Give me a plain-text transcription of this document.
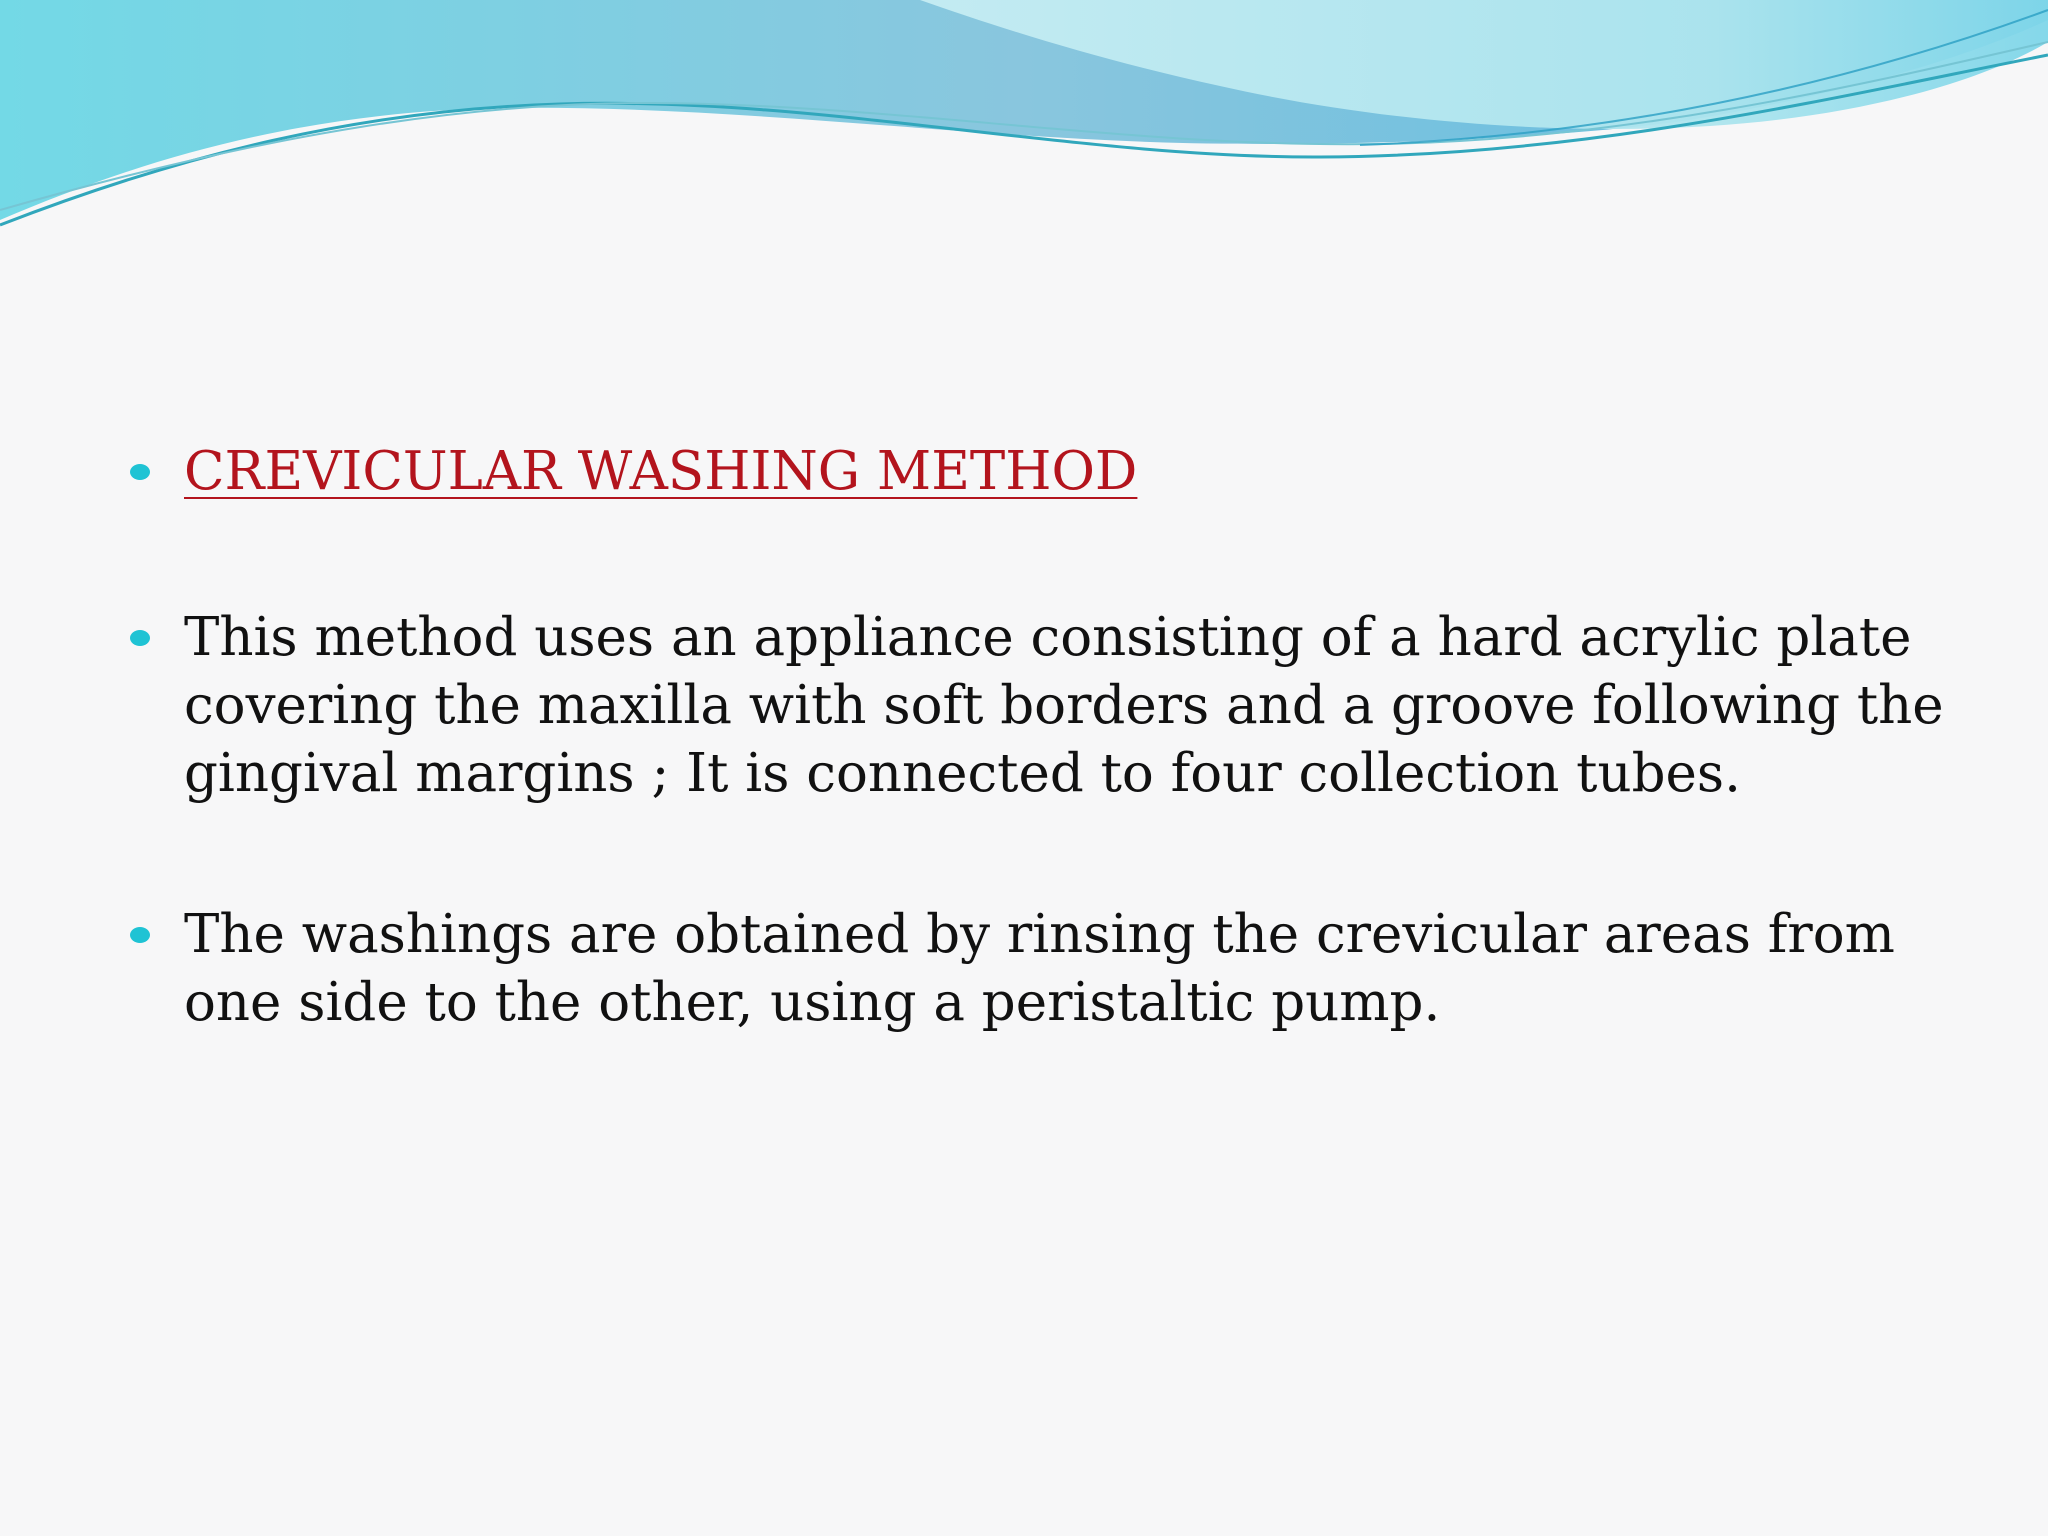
CREVICULAR WASHING METHOD
This method uses an appliance consisting of a hard acrylic plate covering the maxilla with soft borders and a groove following the gingival margins ; It is connected to four collection tubes.
The washings are obtained by rinsing the crevicular areas from one side to the other, using a peristaltic pump.
